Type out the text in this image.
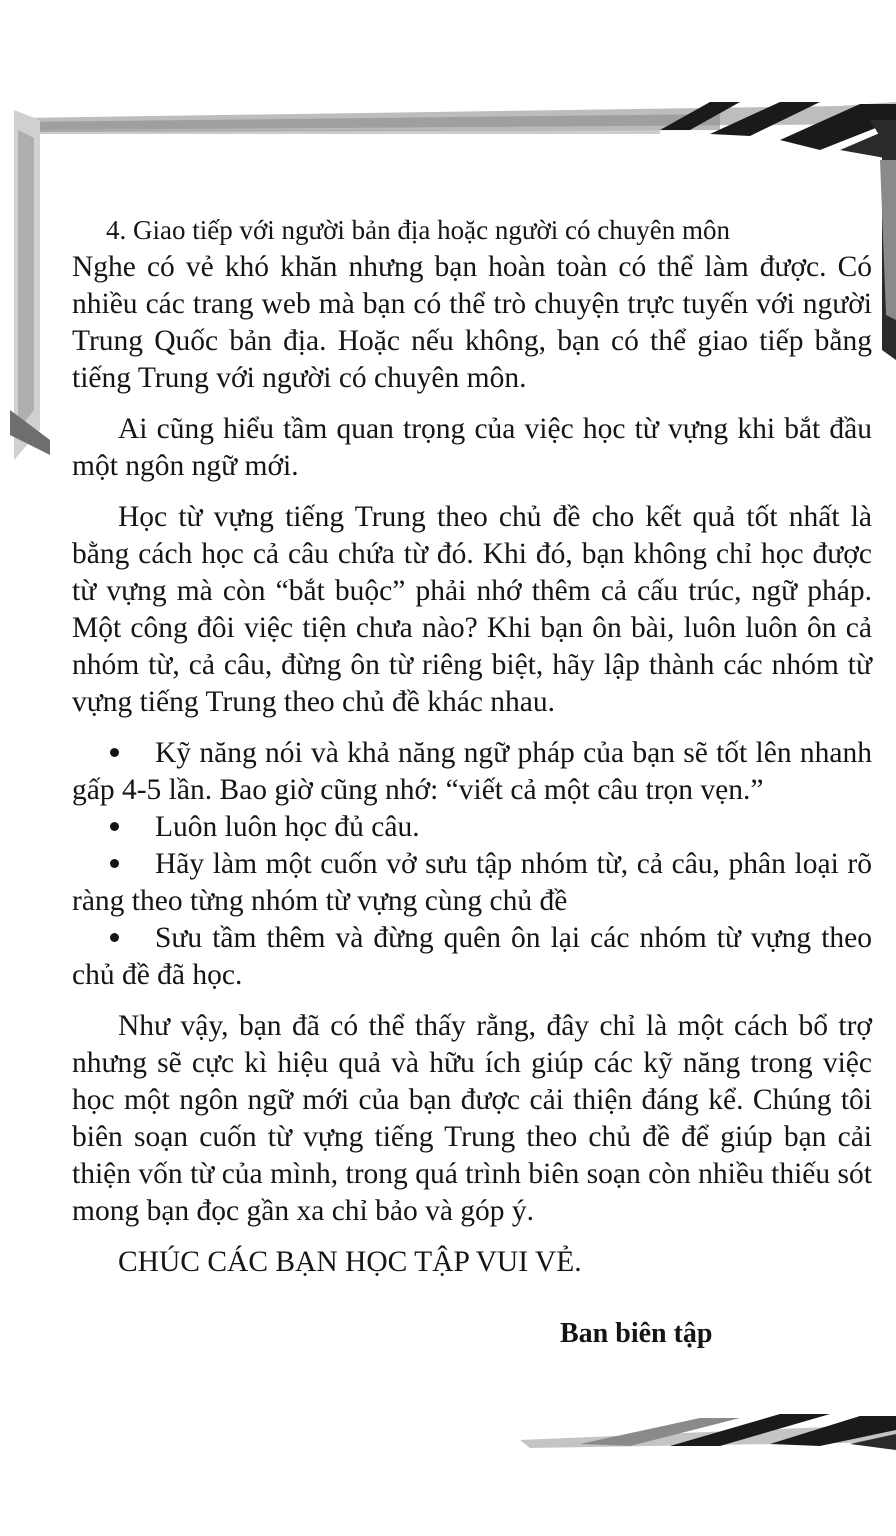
4. Giao tiếp với người bản địa hoặc người có chuyên môn

Nghe có vẻ khó khăn nhưng bạn hoàn toàn có thể làm được. Có nhiều các trang web mà bạn có thể trò chuyện trực tuyến với người Trung Quốc bản địa. Hoặc nếu không, bạn có thể giao tiếp bằng tiếng Trung với người có chuyên môn.

Ai cũng hiểu tầm quan trọng của việc học từ vựng khi bắt đầu một ngôn ngữ mới.

Học từ vựng tiếng Trung theo chủ đề cho kết quả tốt nhất là bằng cách học cả câu chứa từ đó. Khi đó, bạn không chỉ học được từ vựng mà còn “bắt buộc” phải nhớ thêm cả cấu trúc, ngữ pháp. Một công đôi việc tiện chưa nào? Khi bạn ôn bài, luôn luôn ôn cả nhóm từ, cả câu, đừng ôn từ riêng biệt, hãy lập thành các nhóm từ vựng tiếng Trung theo chủ đề khác nhau.

Kỹ năng nói và khả năng ngữ pháp của bạn sẽ tốt lên nhanh gấp 4-5 lần. Bao giờ cũng nhớ: “viết cả một câu trọn vẹn.”
Luôn luôn học đủ câu.
Hãy làm một cuốn vở sưu tập nhóm từ, cả câu, phân loại rõ ràng theo từng nhóm từ vựng cùng chủ đề
Sưu tầm thêm và đừng quên ôn lại các nhóm từ vựng theo chủ đề đã học.

Như vậy, bạn đã có thể thấy rằng, đây chỉ là một cách bổ trợ nhưng sẽ cực kì hiệu quả và hữu ích giúp các kỹ năng trong việc học một ngôn ngữ mới của bạn được cải thiện đáng kể. Chúng tôi biên soạn cuốn từ vựng tiếng Trung theo chủ đề để giúp bạn cải thiện vốn từ của mình, trong quá trình biên soạn còn nhiều thiếu sót mong bạn đọc gần xa chỉ bảo và góp ý.

CHÚC CÁC BẠN HỌC TẬP VUI VẺ.

Ban biên tập
